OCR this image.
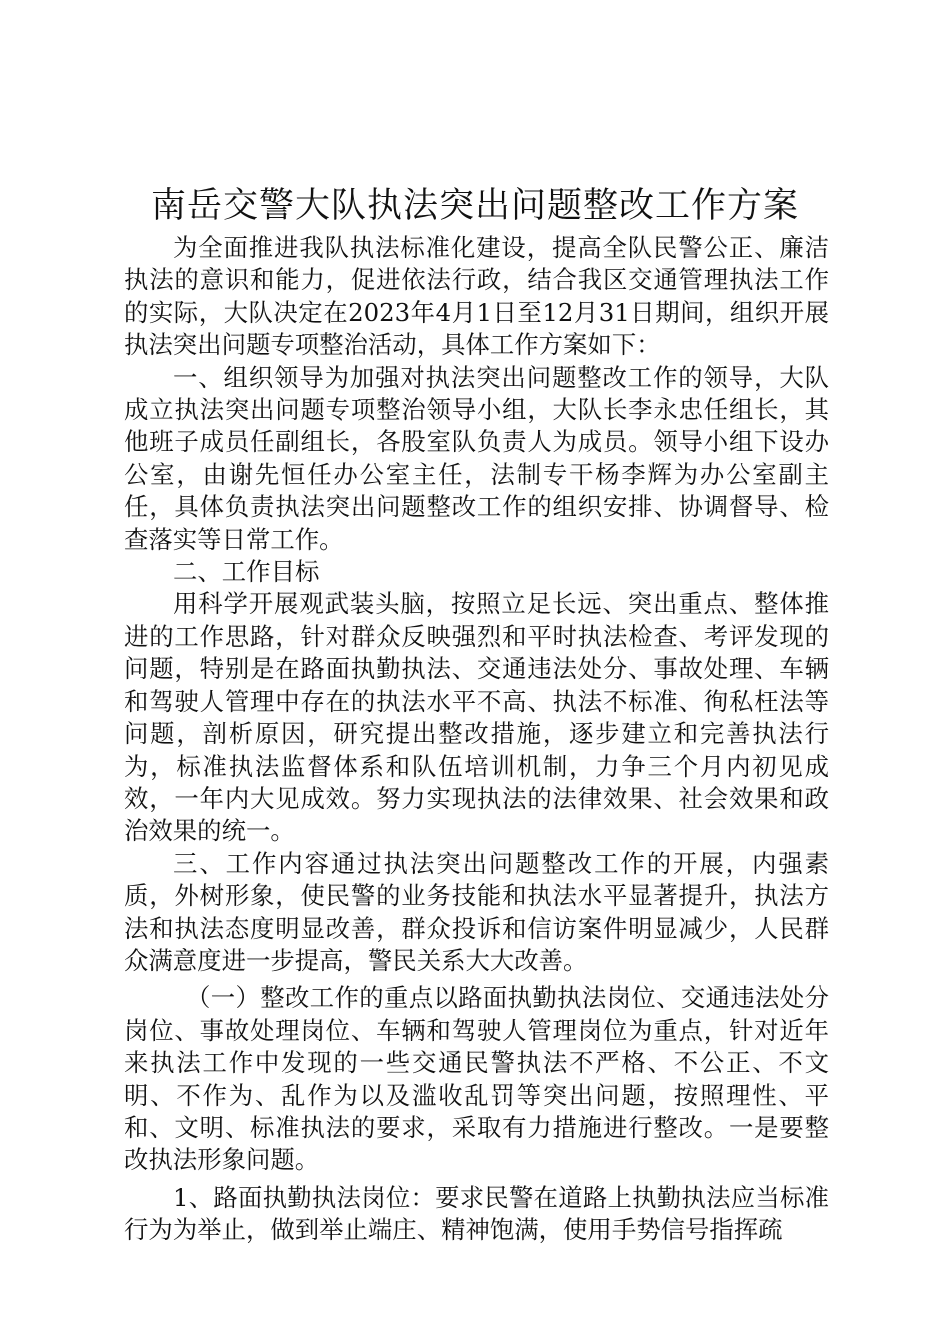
南岳交警大队执法突出问题整改工作方案

为全面推进我队执法标准化建设，提高全队民警公正、廉洁执法的意识和能力，促进依法行政，结合我区交通管理执法工作的实际，大队决定在2023年4月1日至12月31日期间，组织开展执法突出问题专项整治活动，具体工作方案如下：

一、组织领导为加强对执法突出问题整改工作的领导，大队成立执法突出问题专项整治领导小组，大队长李永忠任组长，其他班子成员任副组长，各股室队负责人为成员。领导小组下设办公室，由谢先恒任办公室主任，法制专干杨李辉为办公室副主任，具体负责执法突出问题整改工作的组织安排、协调督导、检查落实等日常工作。

二、工作目标

用科学开展观武装头脑，按照立足长远、突出重点、整体推进的工作思路，针对群众反映强烈和平时执法检查、考评发现的问题，特别是在路面执勤执法、交通违法处分、事故处理、车辆和驾驶人管理中存在的执法水平不高、执法不标准、徇私枉法等问题，剖析原因，研究提出整改措施，逐步建立和完善执法行为，标准执法监督体系和队伍培训机制，力争三个月内初见成效，一年内大见成效。努力实现执法的法律效果、社会效果和政治效果的统一。

三、工作内容通过执法突出问题整改工作的开展，内强素质，外树形象，使民警的业务技能和执法水平显著提升，执法方法和执法态度明显改善，群众投诉和信访案件明显减少，人民群众满意度进一步提高，警民关系大大改善。

（一）整改工作的重点以路面执勤执法岗位、交通违法处分岗位、事故处理岗位、车辆和驾驶人管理岗位为重点，针对近年来执法工作中发现的一些交通民警执法不严格、不公正、不文明、不作为、乱作为以及滥收乱罚等突出问题，按照理性、平和、文明、标准执法的要求，采取有力措施进行整改。一是要整改执法形象问题。

1、路面执勤执法岗位：要求民警在道路上执勤执法应当标准行为为举止，做到举止端庄、精神饱满，使用手势信号指挥疏
